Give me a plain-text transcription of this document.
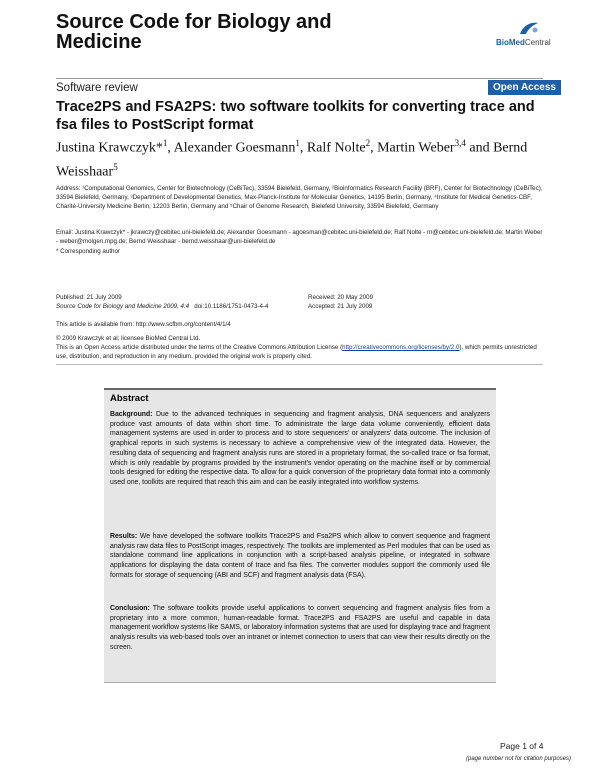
Source Code for Biology and Medicine	BioMedCentral
Software review	Open Access
Trace2PS and FSA2PS: two software toolkits for converting trace and fsa files to PostScript format
Justina Krawczyk*$^1$, Alexander Goesmann$^1$, Ralf Nolte$^2$, Martin Weber$^{3,4}$ and Bernd Weisshaar$^5$
Address: ¹Computational Genomics, Center for Biotechnology (CeBiTec), 33594 Bielefeld, Germany, ²Bioinformatics Research Facility (BRF), Center for Biotechnology (CeBiTec), 33594 Bielefeld, Germany, ³Department of Developmental Genetics, Max-Planck-Institute for Molecular Genetics, 14195 Berlin, Germany, ⁴Institute for Medical Genetics-CBF, Charité-University Medicine Berlin, 12203 Berlin, Germany and ⁵Chair of Genome Research, Bielefeld University, 33594 Bielefeld, Germany
Email: Justina Krawczyk* - jkrawczy@cebitec.uni-bielefeld.de; Alexander Goesmann - agoesman@cebitec.uni-bielefeld.de; Ralf Nolte - rn@cebitec.uni-bielefeld.de; Martin Weber - weber@molgen.mpg.de; Bernd Weisshaar - bernd.weisshaar@uni-bielefeld.de
* Corresponding author
Published: 21 July 2009
Source Code for Biology and Medicine 2009, 4:4 doi:10.1186/1751-0473-4-4
Received: 20 May 2009
Accepted: 21 July 2009
This article is available from: http://www.scfbm.org/content/4/1/4
© 2009 Krawczyk et al; licensee BioMed Central Ltd.
This is an Open Access article distributed under the terms of the Creative Commons Attribution License (http://creativecommons.org/licenses/by/2.0), which permits unrestricted use, distribution, and reproduction in any medium, provided the original work is properly cited.
Abstract
Background: Due to the advanced techniques in sequencing and fragment analysis, DNA sequencers and analyzers produce vast amounts of data within short time. To administrate the large data volume conveniently, efficient data management systems are used in order to process and to store sequencers' or analyzers' data outcome. The inclusion of graphical reports in such systems is necessary to achieve a comprehensive view of the integrated data. However, the resulting data of sequencing and fragment analysis runs are stored in a proprietary format, the so-called trace or fsa format, which is only readable by programs provided by the instrument's vendor operating on the machine itself or by commercial tools designed for editing the respective data. To allow for a quick conversion of the proprietary data format into a commonly used one, toolkits are required that reach this aim and can be easily integrated into workflow systems.
Results: We have developed the software toolkits Trace2PS and Fsa2PS which allow to convert sequence and fragment analysis raw data files to PostScript images, respectively. The toolkits are implemented as Perl modules that can be used as standalone command line applications in conjunction with a script-based analysis pipeline, or integrated in software applications for displaying the data content of trace and fsa files. The converter modules support the commonly used file formats for storage of sequencing (ABI and SCF) and fragment analysis data (FSA).
Conclusion: The software toolkits provide useful applications to convert sequencing and fragment analysis files from a proprietary into a more common, human-readable format. Trace2PS and FSA2PS are useful and capable in data management workflow systems like SAMS, or laboratory information systems that are used for displaying trace and fragment analysis results via web-based tools over an intranet or internet connection to users that can view their results directly on the screen.
Page 1 of 4
(page number not for citation purposes)
